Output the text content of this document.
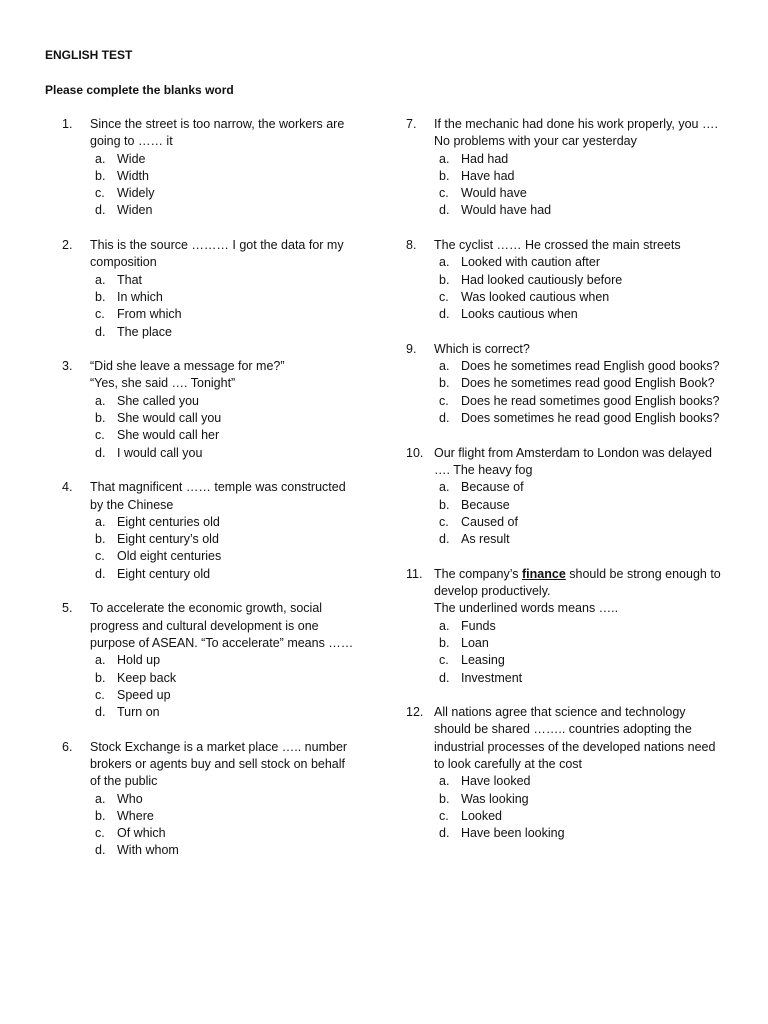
ENGLISH TEST
Please complete the blanks word
1.	Since the street is too narrow, the workers are
going to …… it
a. Wide
b. Width
c. Widely
d. Widen
2.	This is the source ……… I got the data for my
composition
a. That
b. In which
c. From which
d. The place
3.	“Did she leave a message for me?”
“Yes, she said …. Tonight”
a. She called you
b. She would call you
c. She would call her
d. I would call you
4.	That magnificent …… temple was constructed
by the Chinese
a. Eight centuries old
b. Eight century’s old
c. Old eight centuries
d. Eight century old
5.	To accelerate the economic growth, social
progress and cultural development is one
purpose of ASEAN. “To accelerate” means ……
a. Hold up
b. Keep back
c. Speed up
d. Turn on
6.	Stock Exchange is a market place ….. number
brokers or agents buy and sell stock on behalf
of the public
a. Who
b. Where
c. Of which
d. With whom
7.	If the mechanic had done his work properly, you ….
No problems with your car yesterday
a. Had had
b. Have had
c. Would have
d. Would have had
8.	The cyclist …… He crossed the main streets
a. Looked with caution after
b. Had looked cautiously before
c. Was looked cautious when
d. Looks cautious when
9.	Which is correct?
a. Does he sometimes read English good books?
b. Does he sometimes read good English Book?
c. Does he read sometimes good English books?
d. Does sometimes he read good English books?
10. Our flight from Amsterdam to London was delayed
…. The heavy fog
a. Because of
b. Because
c. Caused of
d. As result
11. The company’s finance should be strong enough to
develop productively.
The underlined words means …..
a. Funds
b. Loan
c. Leasing
d. Investment
12. All nations agree that science and technology
should be shared …….. countries adopting the
industrial processes of the developed nations need
to look carefully at the cost
a. Have looked
b. Was looking
c. Looked
d. Have been looking
